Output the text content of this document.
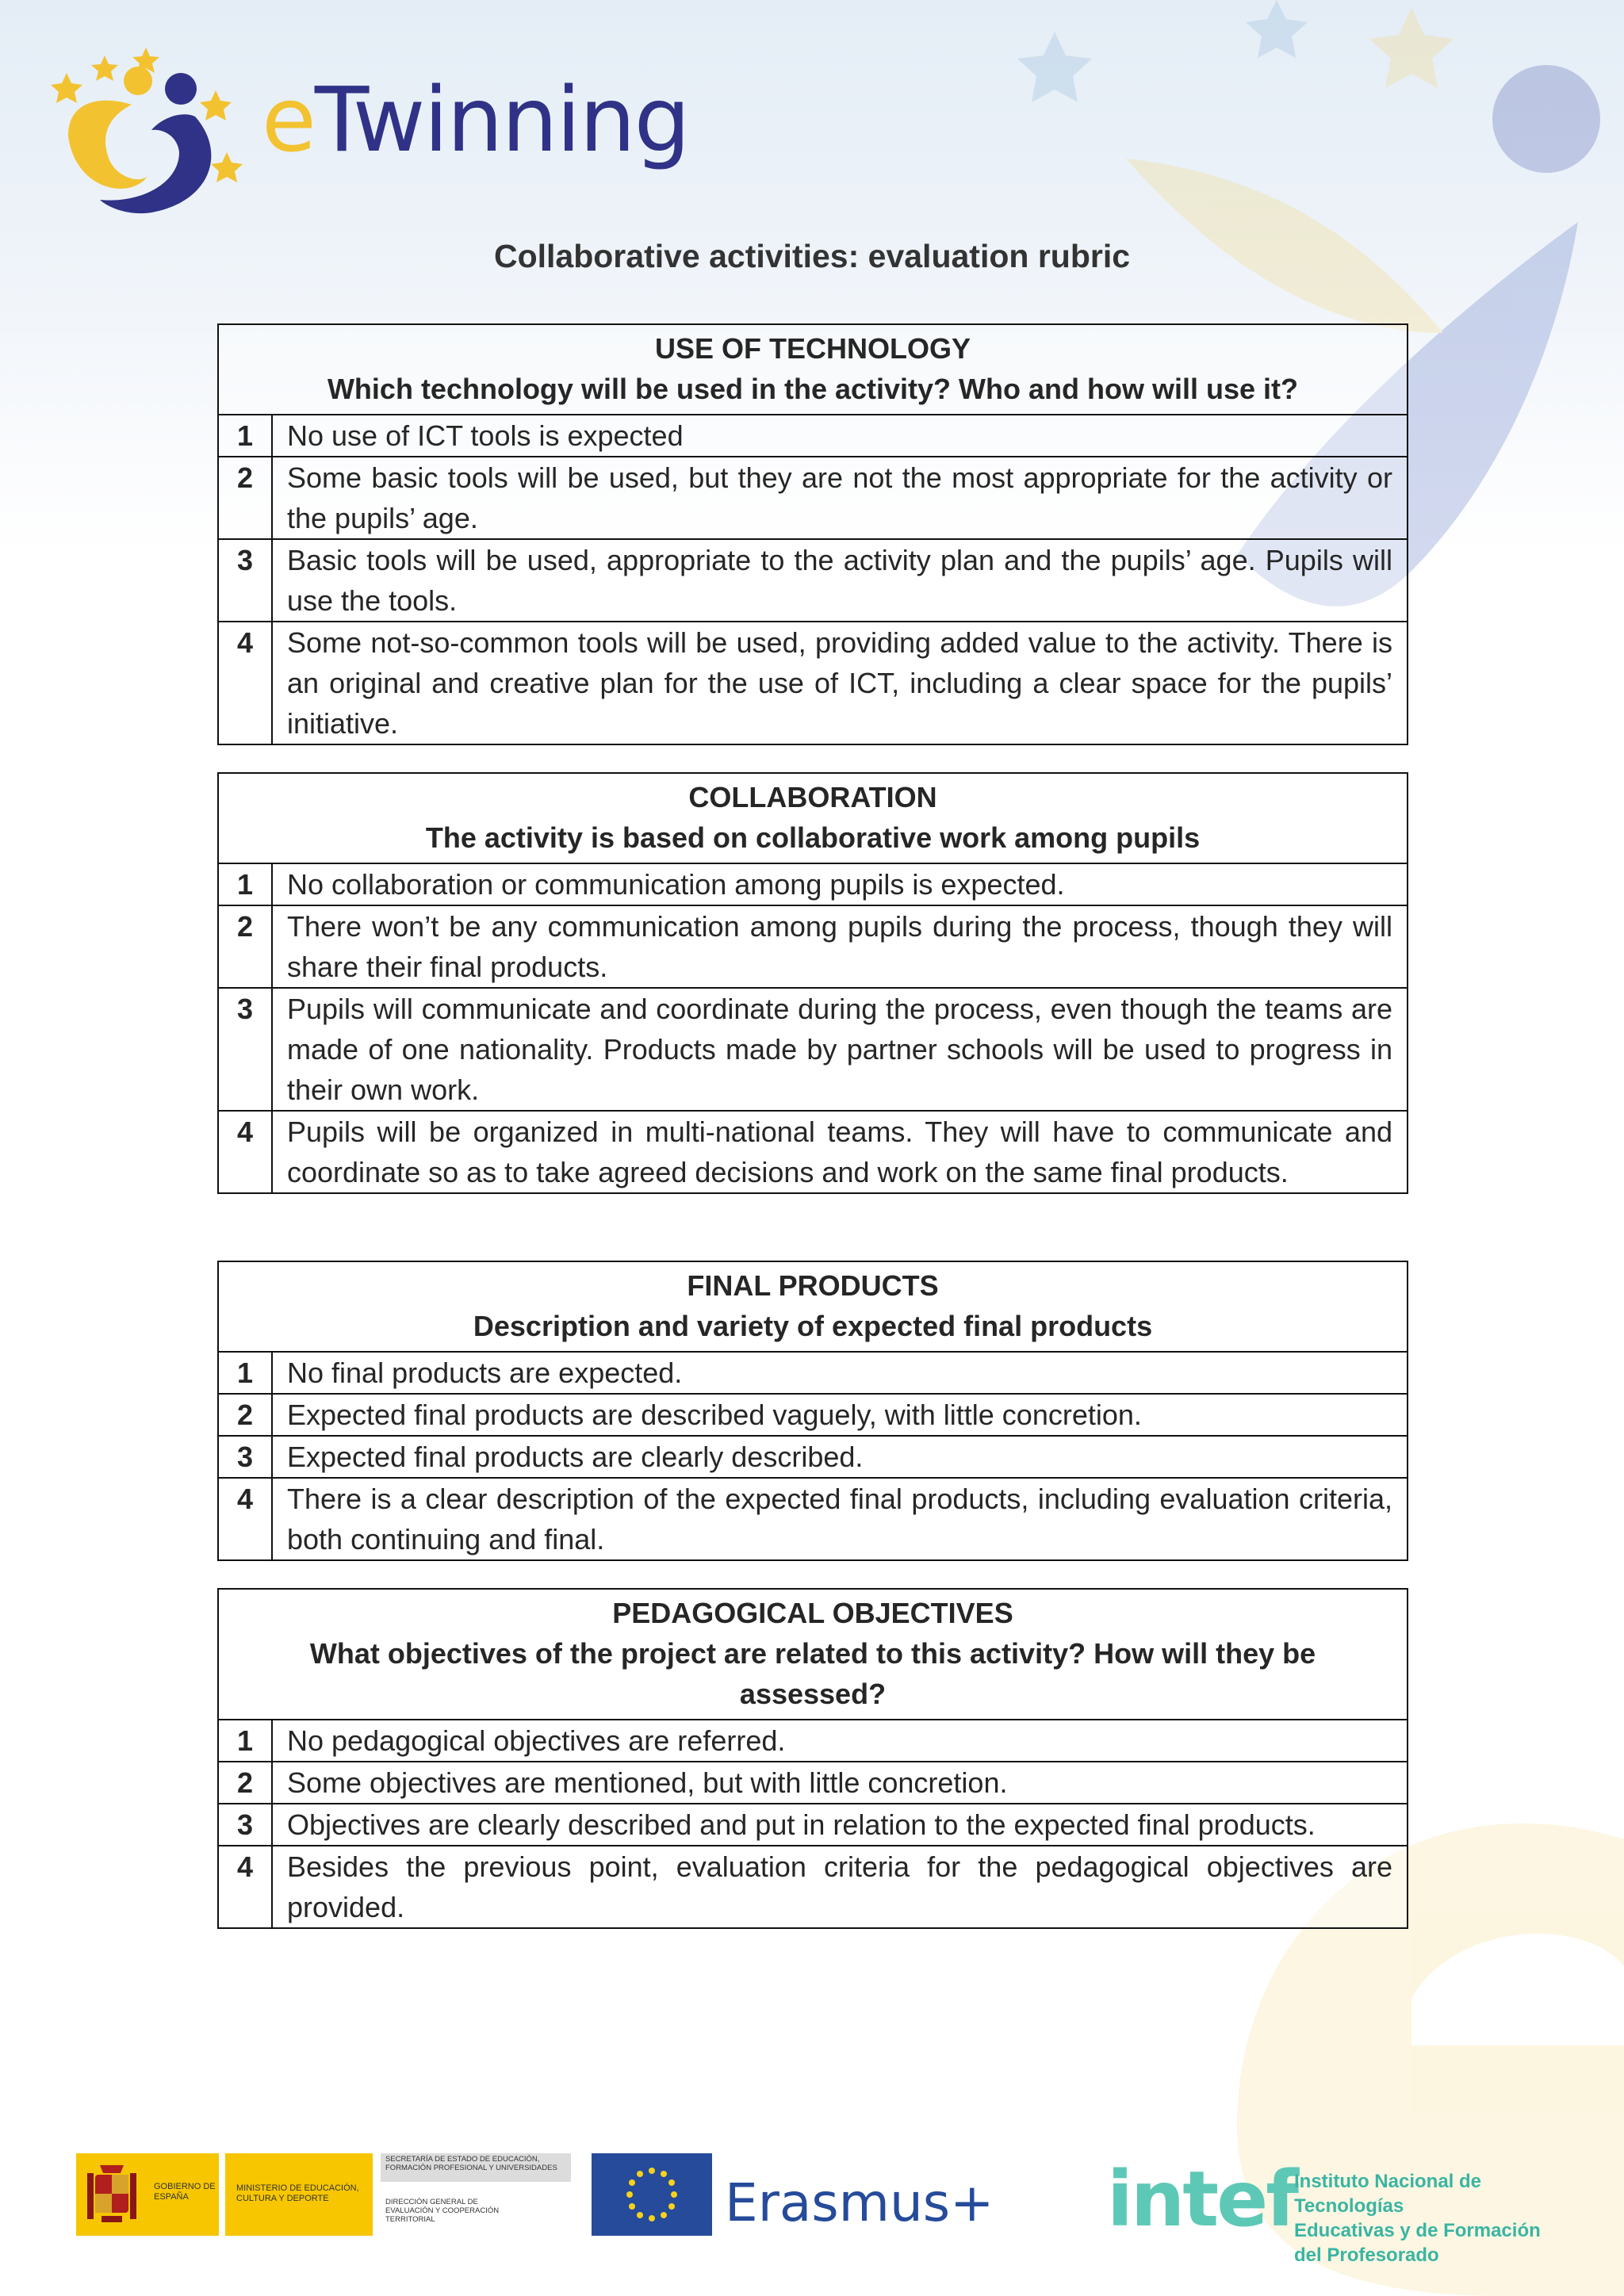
eTwinning
Collaborative activities: evaluation rubric
USE OF TECHNOLOGY
Which technology will be used in the activity? Who and how will use it?
1	No use of ICT tools is expected
2	Some basic tools will be used, but they are not the most appropriate for the activity or the pupils’ age.
3	Basic tools will be used, appropriate to the activity plan and the pupils’ age. Pupils will use the tools.
4	Some not-so-common tools will be used, providing added value to the activity. There is an original and creative plan for the use of ICT, including a clear space for the pupils’ initiative.
COLLABORATION
The activity is based on collaborative work among pupils
1	No collaboration or communication among pupils is expected.
2	There won’t be any communication among pupils during the process, though they will share their final products.
3	Pupils will communicate and coordinate during the process, even though the teams are made of one nationality. Products made by partner schools will be used to progress in their own work.
4	Pupils will be organized in multi-national teams. They will have to communicate and coordinate so as to take agreed decisions and work on the same final products.
FINAL PRODUCTS
Description and variety of expected final products
1	No final products are expected.
2	Expected final products are described vaguely, with little concretion.
3	Expected final products are clearly described.
4	There is a clear description of the expected final products, including evaluation criteria, both continuing and final.
PEDAGOGICAL OBJECTIVES
What objectives of the project are related to this activity? How will they be assessed?
1	No pedagogical objectives are referred.
2	Some objectives are mentioned, but with little concretion.
3	Objectives are clearly described and put in relation to the expected final products.
4	Besides the previous point, evaluation criteria for the pedagogical objectives are provided.
GOBIERNO DE ESPAÑA
MINISTERIO DE EDUCACIÓN, CULTURA Y DEPORTE
SECRETARÍA DE ESTADO DE EDUCACIÓN, FORMACIÓN PROFESIONAL Y UNIVERSIDADES
DIRECCIÓN GENERAL DE EVALUACIÓN Y COOPERACIÓN TERRITORIAL	Erasmus+ intef
Instituto Nacional de Tecnologías
Educativas y de Formación
del Profesorado
